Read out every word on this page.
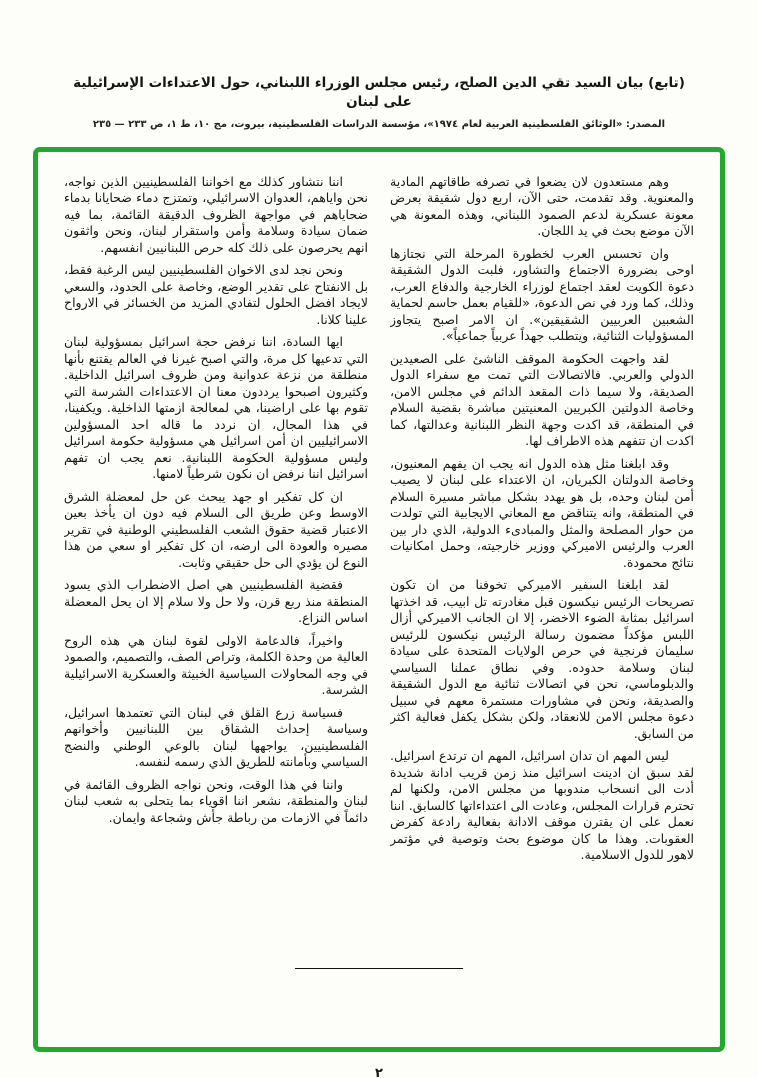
(تابع) بيان السيد تقي الدين الصلح، رئيس مجلس الوزراء اللبناني، حول الاعتداءات الإسرائيلية على لبنان

المصدر: «الوثائق الفلسطينية العربية لعام ١٩٧٤»، مؤسسة الدراسات الفلسطينية، بيروت، مج ١٠، ط ١، ص ٢٣٣ — ٢٣٥

وهم مستعدون لان يضعوا في تصرفه طاقاتهم المادية والمعنوية. وقد تقدمت، حتى الآن، اربع دول شقيقة بعرض معونة عسكرية لدعم الصمود اللبناني، وهذه المعونة هي الآن موضع بحث في يد اللجان.

وان تحسس العرب لخطورة المرحلة التي نجتازها اوحى بضرورة الاجتماع والتشاور، فلبت الدول الشقيقة دعوة الكويت لعقد اجتماع لوزراء الخارجية والدفاع العرب، وذلك، كما ورد في نص الدعوة، «للقيام بعمل حاسم لحماية الشعبين العربيين الشقيقين». ان الامر اصبح يتجاوز المسؤوليات الثنائية، ويتطلب جهداً عربياً جماعياً».

لقد واجهت الحكومة الموقف الناشئ على الصعيدين الدولي والعربي. فالاتصالات التي تمت مع سفراء الدول الصديقة، ولا سيما ذات المقعد الدائم في مجلس الامن، وخاصة الدولتين الكبريين المعنيتين مباشرة بقضية السلام في المنطقة، قد اكدت وجهة النظر اللبنانية وعدالتها، كما اكدت ان تتفهم هذه الاطراف لها.

وقد ابلغنا مثل هذه الدول انه يجب ان يفهم المعنيون، وخاصة الدولتان الكبريان، ان الاعتداء على لبنان لا يصيب أمن لبنان وحده، بل هو يهدد بشكل مباشر مسيرة السلام في المنطقة، وانه يتناقض مع المعاني الايجابية التي تولدت من حوار المصلحة والمثل والمبادىء الدولية، الذي دار بين العرب والرئيس الاميركي ووزير خارجيته، وحمل امكانيات نتائج محمودة.

لقد ابلغنا السفير الاميركي تخوفنا من ان تكون تصريحات الرئيس نيكسون قبل مغادرته تل ابيب، قد اخذتها اسرائيل بمثابة الضوء الاخضر، إلا ان الجانب الاميركي أزال اللبس مؤكداً مضمون رسالة الرئيس نيكسون للرئيس سليمان فرنجية في حرص الولايات المتحدة على سيادة لبنان وسلامة حدوده. وفي نطاق عملنا السياسي والدبلوماسي، نحن في اتصالات ثنائية مع الدول الشقيقة والصديقة، ونحن في مشاورات مستمرة معهم في سبيل دعوة مجلس الامن للانعقاد، ولكن بشكل يكفل فعالية اكثر من السابق.

ليس المهم ان تدان اسرائيل، المهم ان ترتدع اسرائيل. لقد سبق ان ادينت اسرائيل منذ زمن قريب ادانة شديدة أدت الى انسحاب مندوبها من مجلس الامن، ولكنها لم تحترم قرارات المجلس، وعادت الى اعتداءاتها كالسابق. اننا نعمل على ان يقترن موقف الادانة بفعالية رادعة كفرض العقوبات. وهذا ما كان موضوع بحث وتوصية في مؤتمر لاهور للدول الاسلامية.

اننا نتشاور كذلك مع اخواننا الفلسطينيين الذين نواجه، نحن واياهم، العدوان الاسرائيلي، وتمتزج دماء ضحايانا بدماء ضحاياهم في مواجهة الظروف الدقيقة القائمة، بما فيه ضمان سيادة وسلامة وأمن واستقرار لبنان، ونحن واثقون انهم يحرصون على ذلك كله حرص اللبنانيين انفسهم.

ونحن نجد لدى الاخوان الفلسطينيين ليس الرغبة فقط، بل الانفتاح على تقدير الوضع، وخاصة على الحدود، والسعي لايجاد افضل الحلول لتفادي المزيد من الخسائر في الارواح علينا كلانا.

ايها السادة، اننا نرفض حجة اسرائيل بمسؤولية لبنان التي تدعيها كل مرة، والتي اصبح غيرنا في العالم يقتنع بأنها منطلقة من نزعة عدوانية ومن ظروف اسرائيل الداخلية. وكثيرون اصبحوا يرددون معنا ان الاعتداءات الشرسة التي تقوم بها على اراضينا، هي لمعالجة ازمتها الداخلية. ويكفينا، في هذا المجال، ان نردد ما قاله احد المسؤولين الاسرائيليين ان أمن اسرائيل هي مسؤولية حكومة اسرائيل وليس مسؤولية الحكومة اللبنانية. نعم يجب ان تفهم اسرائيل اننا نرفض ان نكون شرطياً لامنها.

ان كل تفكير او جهد يبحث عن حل لمعضلة الشرق الاوسط وعن طريق الى السلام فيه دون ان يأخذ بعين الاعتبار قضية حقوق الشعب الفلسطيني الوطنية في تقرير مصيره والعودة الى ارضه، ان كل تفكير او سعي من هذا النوع لن يؤدي الى حل حقيقي وثابت.

فقضية الفلسطينيين هي اصل الاضطراب الذي يسود المنطقة منذ ربع قرن، ولا حل ولا سلام إلا ان يحل المعضلة اساس النزاع.

واخيراً، فالدعامة الاولى لقوة لبنان هي هذه الروح العالية من وحدة الكلمة، وتراص الصف، والتصميم، والصمود في وجه المحاولات السياسية الخبيثة والعسكرية الاسرائيلية الشرسة.

فسياسة زرع القلق في لبنان التي تعتمدها اسرائيل، وسياسة إحداث الشقاق بين اللبنانيين وأخوانهم الفلسطينيين، يواجهها لبنان بالوعي الوطني والنضج السياسي وبأمانته للطريق الذي رسمه لنفسه.

واننا في هذا الوقت، ونحن نواجه الظروف القائمة في لبنان والمنطقة، نشعر اننا اقوياء بما يتحلى به شعب لبنان دائماً في الازمات من رباطة جأش وشجاعة وايمان.

٢
